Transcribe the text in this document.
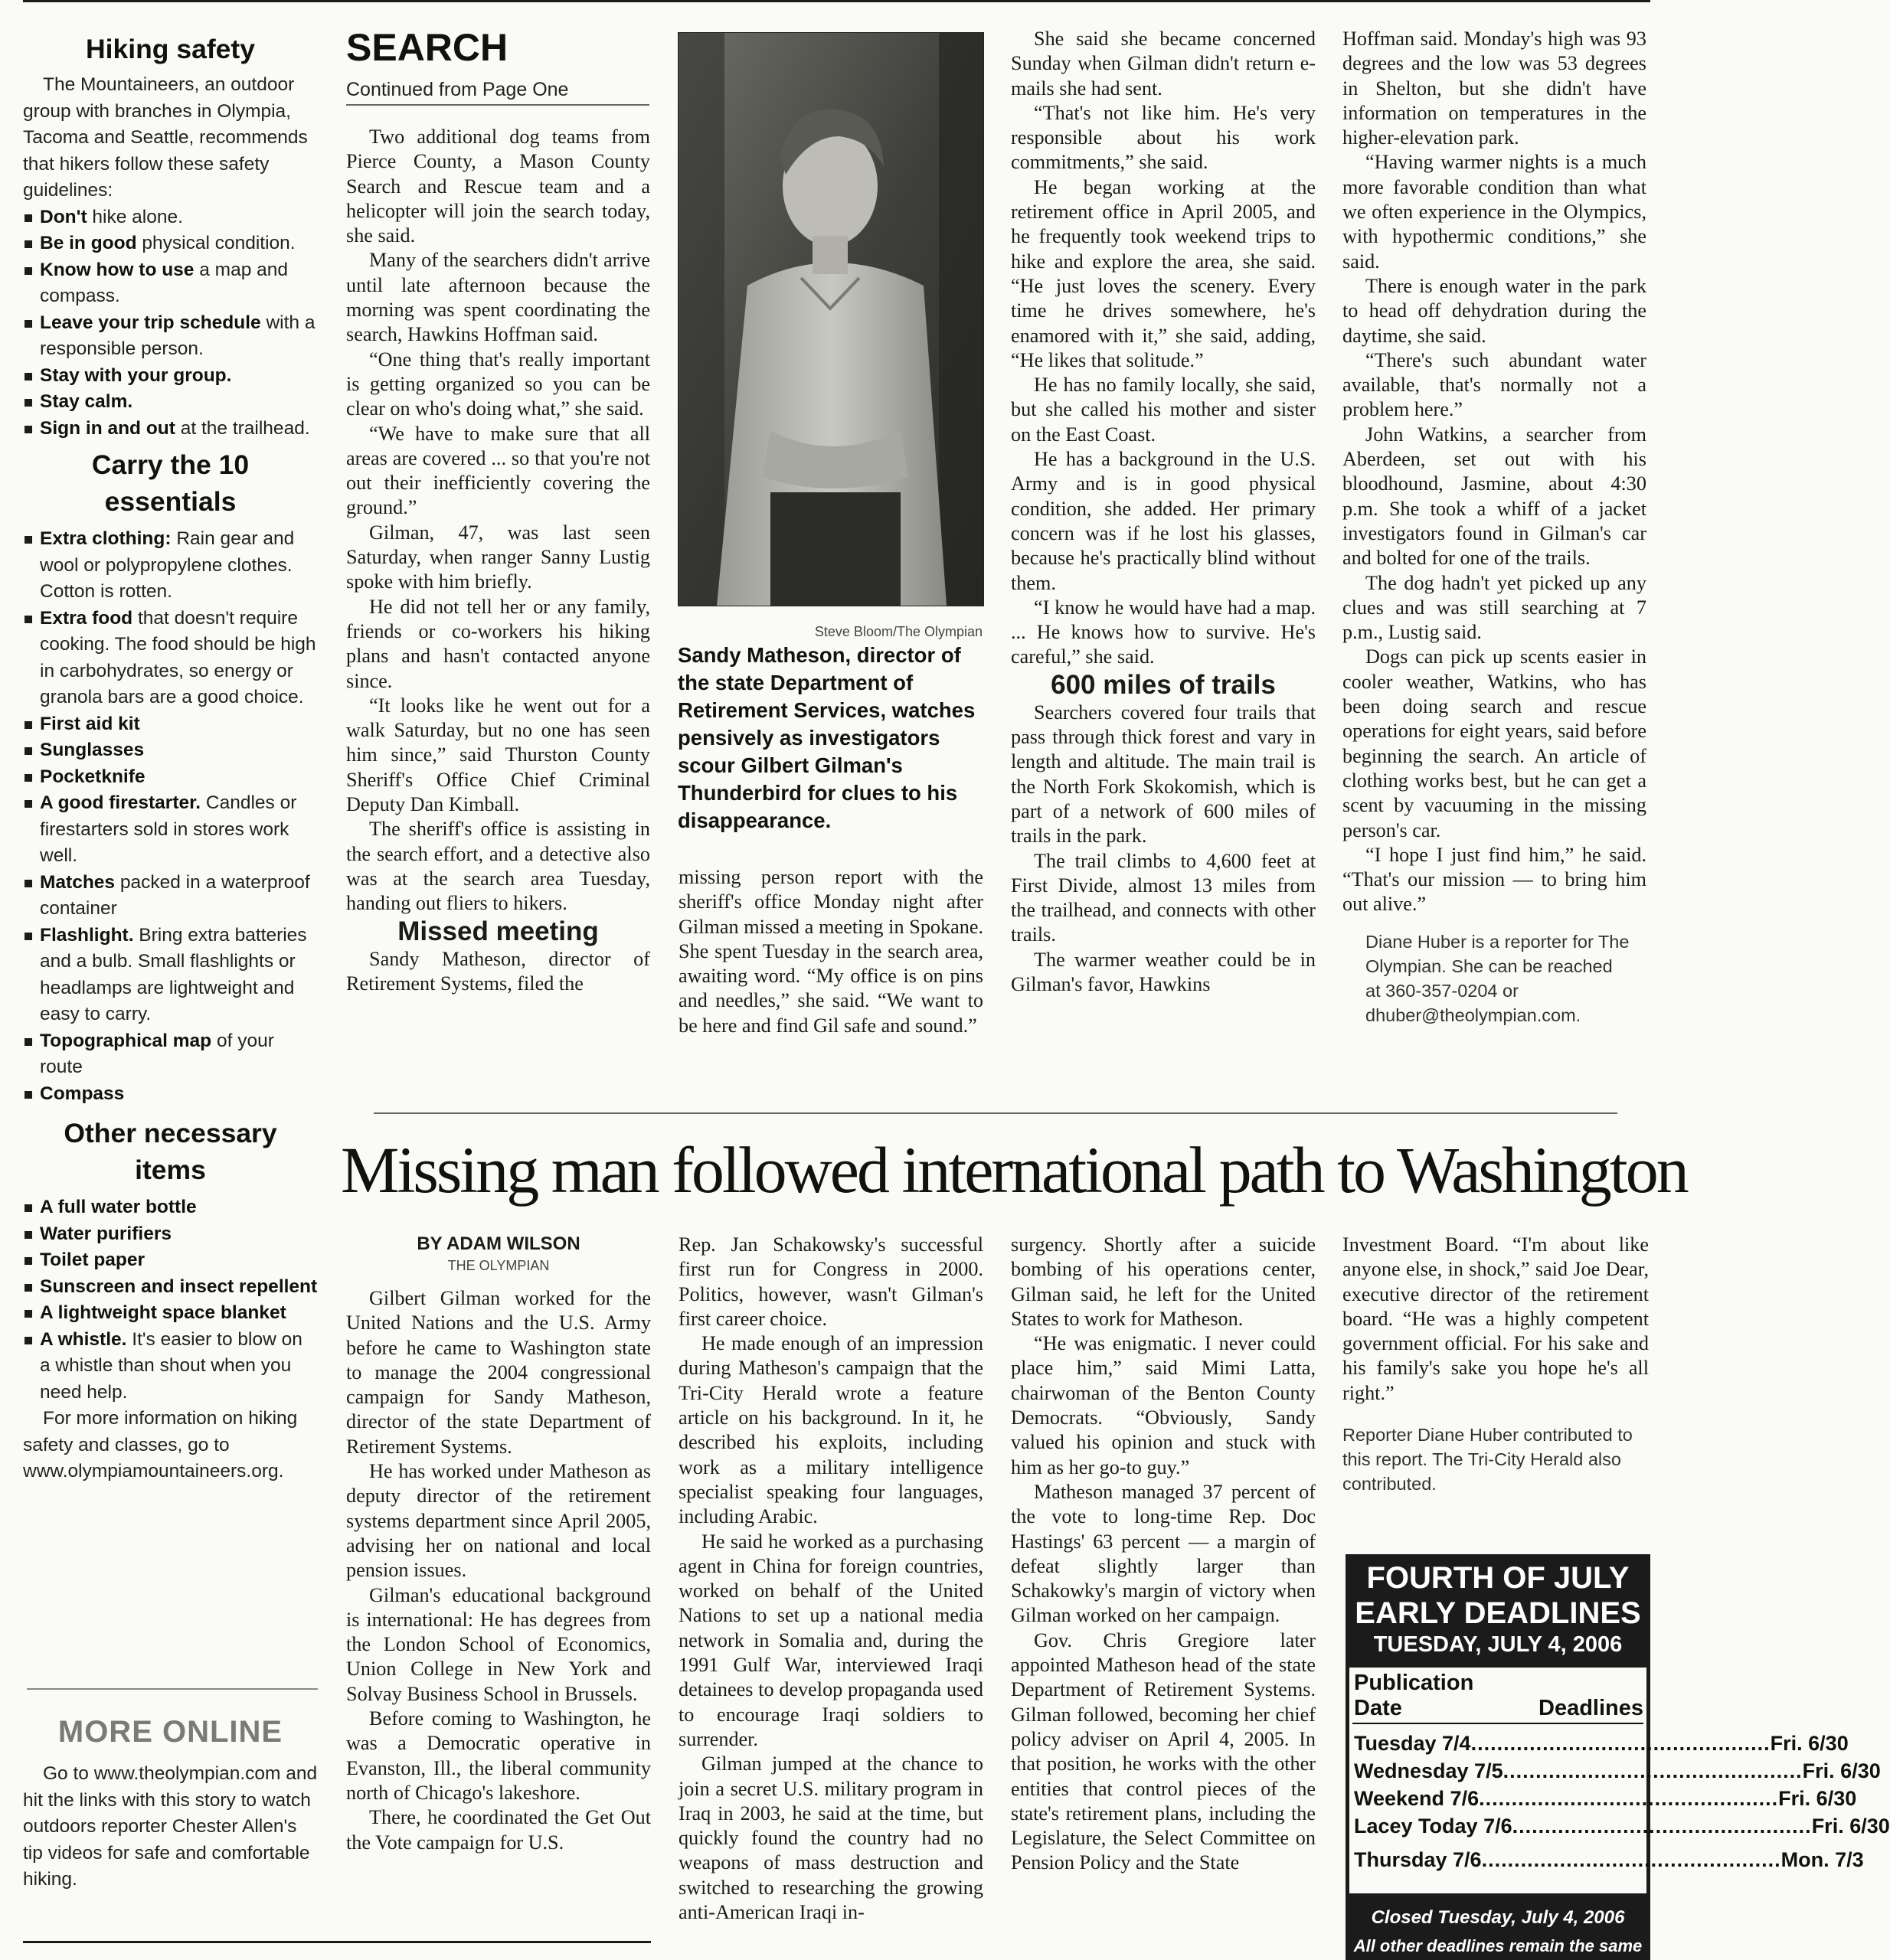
Hiking safety

The Mountaineers, an outdoor group with branches in Olympia, Tacoma and Seattle, recommends that hikers follow these safety guidelines:

Don't hike alone.
Be in good physical condition.
Know how to use a map and compass.
Leave your trip schedule with a responsible person.
Stay with your group.
Stay calm.
Sign in and out at the trailhead.
Carry the 10 essentials
Extra clothing: Rain gear and wool or polypropylene clothes. Cotton is rotten.
Extra food that doesn't require cooking. The food should be high in carbohydrates, so energy or granola bars are a good choice.
First aid kit
Sunglasses
Pocketknife
A good firestarter. Candles or firestarters sold in stores work well.
Matches packed in a waterproof container
Flashlight. Bring extra batteries and a bulb. Small flashlights or headlamps are lightweight and easy to carry.
Topographical map of your route
Compass
Other necessary items
A full water bottle
Water purifiers
Toilet paper
Sunscreen and insect repellent
A lightweight space blanket
A whistle. It's easier to blow on a whistle than shout when you need help.

For more information on hiking safety and classes, go to www.olympiamountaineers.org.

MORE ONLINE
Go to www.theolympian.com and hit the links with this story to watch outdoors reporter Chester Allen's tip videos for safe and comfortable hiking.
SEARCH
Continued from Page One

Two additional dog teams from Pierce County, a Mason County Search and Rescue team and a helicopter will join the search today, she said.

Many of the searchers didn't arrive until late afternoon because the morning was spent coordinating the search, Hawkins Hoffman said.

“One thing that's really important is getting organized so you can be clear on who's doing what,” she said.

“We have to make sure that all areas are covered ... so that you're not out their inefficiently covering the ground.”

Gilman, 47, was last seen Saturday, when ranger Sanny Lustig spoke with him briefly.

He did not tell her or any family, friends or co-workers his hiking plans and hasn't contacted anyone since.

“It looks like he went out for a walk Saturday, but no one has seen him since,” said Thurston County Sheriff's Office Chief Criminal Deputy Dan Kimball.

The sheriff's office is assisting in the search effort, and a detective also was at the search area Tuesday, handing out fliers to hikers.

Missed meeting

Sandy Matheson, director of Retirement Systems, filed the

Steve Bloom/The Olympian
Sandy Matheson, director of the state Department of Retirement Services, watches pensively as investigators scour Gilbert Gilman's Thunderbird for clues to his disappearance.

missing person report with the sheriff's office Monday night after Gilman missed a meeting in Spokane. She spent Tuesday in the search area, awaiting word. “My office is on pins and needles,” she said. “We want to be here and find Gil safe and sound.”

She said she became concerned Sunday when Gilman didn't return e-mails she had sent.

“That's not like him. He's very responsible about his work commitments,” she said.

He began working at the retirement office in April 2005, and he frequently took weekend trips to hike and explore the area, she said. “He just loves the scenery. Every time he drives somewhere, he's enamored with it,” she said, adding, “He likes that solitude.”

He has no family locally, she said, but she called his mother and sister on the East Coast.

He has a background in the U.S. Army and is in good physical condition, she added. Her primary concern was if he lost his glasses, because he's practically blind without them.

“I know he would have had a map. ... He knows how to survive. He's careful,” she said.

600 miles of trails

Searchers covered four trails that pass through thick forest and vary in length and altitude. The main trail is the North Fork Skokomish, which is part of a network of 600 miles of trails in the park.

The trail climbs to 4,600 feet at First Divide, almost 13 miles from the trailhead, and connects with other trails.

The warmer weather could be in Gilman's favor, Hawkins

Hoffman said. Monday's high was 93 degrees and the low was 53 degrees in Shelton, but she didn't have information on temperatures in the higher-elevation park.

“Having warmer nights is a much more favorable condition than what we often experience in the Olympics, with hypothermic conditions,” she said.

There is enough water in the park to head off dehydration during the daytime, she said.

“There's such abundant water available, that's normally not a problem here.”

John Watkins, a searcher from Aberdeen, set out with his bloodhound, Jasmine, about 4:30 p.m. She took a whiff of a jacket investigators found in Gilman's car and bolted for one of the trails.

The dog hadn't yet picked up any clues and was still searching at 7 p.m., Lustig said.

Dogs can pick up scents easier in cooler weather, Watkins, who has been doing search and rescue operations for eight years, said before beginning the search. An article of clothing works best, but he can get a scent by vacuuming in the missing person's car.

“I hope I just find him,” he said. “That's our mission — to bring him out alive.”

Diane Huber is a reporter for The Olympian. She can be reached at 360-357-0204 or dhuber@theolympian.com.

Missing man followed international path to Washington

BY ADAM WILSON

THE OLYMPIAN

Gilbert Gilman worked for the United Nations and the U.S. Army before he came to Washington state to manage the 2004 congressional campaign for Sandy Matheson, director of the state Department of Retirement Systems.

He has worked under Matheson as deputy director of the retirement systems department since April 2005, advising her on national and local pension issues.

Gilman's educational background is international: He has degrees from the London School of Economics, Union College in New York and Solvay Business School in Brussels.

Before coming to Washington, he was a Democratic operative in Evanston, Ill., the liberal community north of Chicago's lakeshore.

There, he coordinated the Get Out the Vote campaign for U.S.

Rep. Jan Schakowsky's successful first run for Congress in 2000. Politics, however, wasn't Gilman's first career choice.

He made enough of an impression during Matheson's campaign that the Tri-City Herald wrote a feature article on his background. In it, he described his exploits, including work as a military intelligence specialist speaking four languages, including Arabic.

He said he worked as a purchasing agent in China for foreign countries, worked on behalf of the United Nations to set up a national media network in Somalia and, during the 1991 Gulf War, interviewed Iraqi detainees to develop propaganda used to encourage Iraqi soldiers to surrender.

Gilman jumped at the chance to join a secret U.S. military program in Iraq in 2003, he said at the time, but quickly found the country had no weapons of mass destruction and switched to researching the growing anti-American Iraqi in-

surgency. Shortly after a suicide bombing of his operations center, Gilman said, he left for the United States to work for Matheson.

“He was enigmatic. I never could place him,” said Mimi Latta, chairwoman of the Benton County Democrats. “Obviously, Sandy valued his opinion and stuck with him as her go-to guy.”

Matheson managed 37 percent of the vote to long-time Rep. Doc Hastings' 63 percent — a margin of defeat slightly larger than Schakowky's margin of victory when Gilman worked on her campaign.

Gov. Chris Gregiore later appointed Matheson head of the state Department of Retirement Systems. Gilman followed, becoming her chief policy adviser on April 4, 2005. In that position, he works with the other entities that control pieces of the state's retirement plans, including the Legislature, the Select Committee on Pension Policy and the State

Investment Board. “I'm about like anyone else, in shock,” said Joe Dear, executive director of the retirement board. “He was a highly competent government official. For his sake and his family's sake you hope he's all right.”

Reporter Diane Huber contributed to this report. The Tri-City Herald also contributed.

FOURTH OF JULY
EARLY DEADLINES
TUESDAY, JULY 4, 2006
Publication
Date	Deadlines
Tuesday 7/4 .............................................. Fri. 6/30
Wednesday 7/5 .............................................. Fri. 6/30
Weekend 7/6 .............................................. Fri. 6/30
Lacey Today 7/6 .............................................. Fri. 6/30
Thursday 7/6 .............................................. Mon. 7/3
Closed Tuesday, July 4, 2006
All other deadlines remain the same
